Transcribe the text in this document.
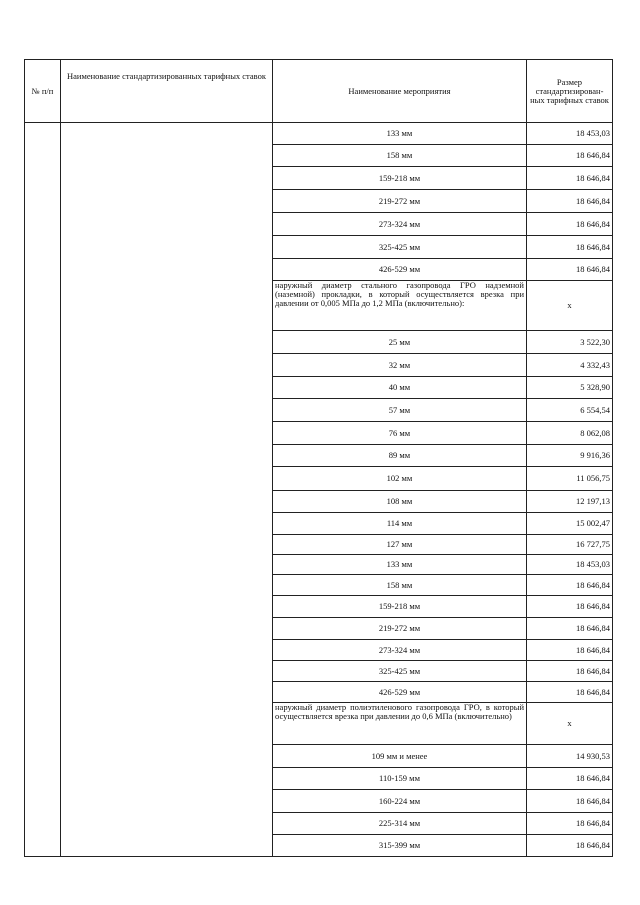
№ п/п	Наименование стандартизированных тарифных ставок	Наименование мероприятия	Размер стандартизирован-ных тарифных ставок
		133 мм	18 453,03
		158 мм	18 646,84
		159-218 мм	18 646,84
		219-272 мм	18 646,84
		273-324 мм	18 646,84
		325-425 мм	18 646,84
		426-529 мм	18 646,84
		наружный диаметр стального газопровода ГРО надземной (наземной) прокладки, в который осуществляется врезка при давлении от 0,005 МПа до 1,2 МПа (включительно):	х
		25 мм	3 522,30
		32 мм	4 332,43
		40 мм	5 328,90
		57 мм	6 554,54
		76 мм	8 062,08
		89 мм	9 916,36
		102 мм	11 056,75
		108 мм	12 197,13
		114 мм	15 002,47
		127 мм	16 727,75
		133 мм	18 453,03
		158 мм	18 646,84
		159-218 мм	18 646,84
		219-272 мм	18 646,84
		273-324 мм	18 646,84
		325-425 мм	18 646,84
		426-529 мм	18 646,84
		наружный диаметр полиэтиленового газопровода ГРО, в который осуществляется врезка при давлении до 0,6 МПа (включительно)	х
		109 мм и менее	14 930,53
		110-159 мм	18 646,84
		160-224 мм	18 646,84
		225-314 мм	18 646,84
		315-399 мм	18 646,84
